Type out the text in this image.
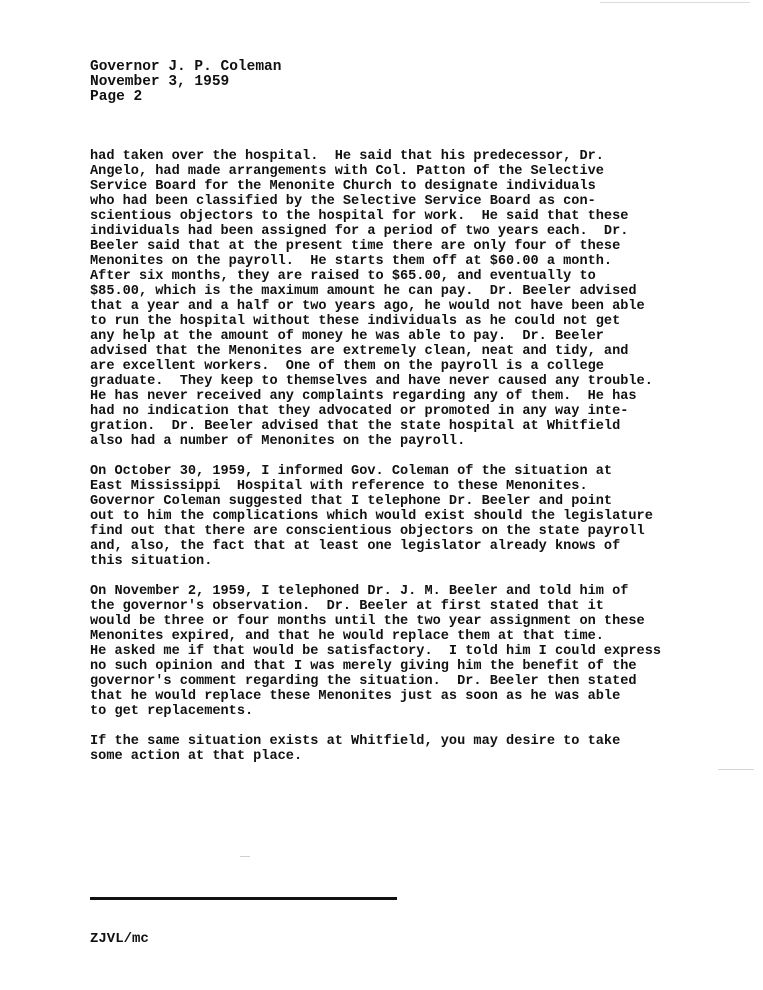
Governor J. P. Coleman
November 3, 1959
Page 2
had taken over the hospital.  He said that his predecessor, Dr.
Angelo, had made arrangements with Col. Patton of the Selective
Service Board for the Menonite Church to designate individuals
who had been classified by the Selective Service Board as con-
scientious objectors to the hospital for work.  He said that these
individuals had been assigned for a period of two years each.  Dr.
Beeler said that at the present time there are only four of these
Menonites on the payroll.  He starts them off at $60.00 a month.
After six months, they are raised to $65.00, and eventually to
$85.00, which is the maximum amount he can pay.  Dr. Beeler advised
that a year and a half or two years ago, he would not have been able
to run the hospital without these individuals as he could not get
any help at the amount of money he was able to pay.  Dr. Beeler
advised that the Menonites are extremely clean, neat and tidy, and
are excellent workers.  One of them on the payroll is a college
graduate.  They keep to themselves and have never caused any trouble.
He has never received any complaints regarding any of them.  He has
had no indication that they advocated or promoted in any way inte-
gration.  Dr. Beeler advised that the state hospital at Whitfield
also had a number of Menonites on the payroll.
On October 30, 1959, I informed Gov. Coleman of the situation at
East Mississippi  Hospital with reference to these Menonites.
Governor Coleman suggested that I telephone Dr. Beeler and point
out to him the complications which would exist should the legislature
find out that there are conscientious objectors on the state payroll
and, also, the fact that at least one legislator already knows of
this situation.
On November 2, 1959, I telephoned Dr. J. M. Beeler and told him of
the governor's observation.  Dr. Beeler at first stated that it
would be three or four months until the two year assignment on these
Menonites expired, and that he would replace them at that time.
He asked me if that would be satisfactory.  I told him I could express
no such opinion and that I was merely giving him the benefit of the
governor's comment regarding the situation.  Dr. Beeler then stated
that he would replace these Menonites just as soon as he was able
to get replacements.
If the same situation exists at Whitfield, you may desire to take
some action at that place.
ZJVL/mc
